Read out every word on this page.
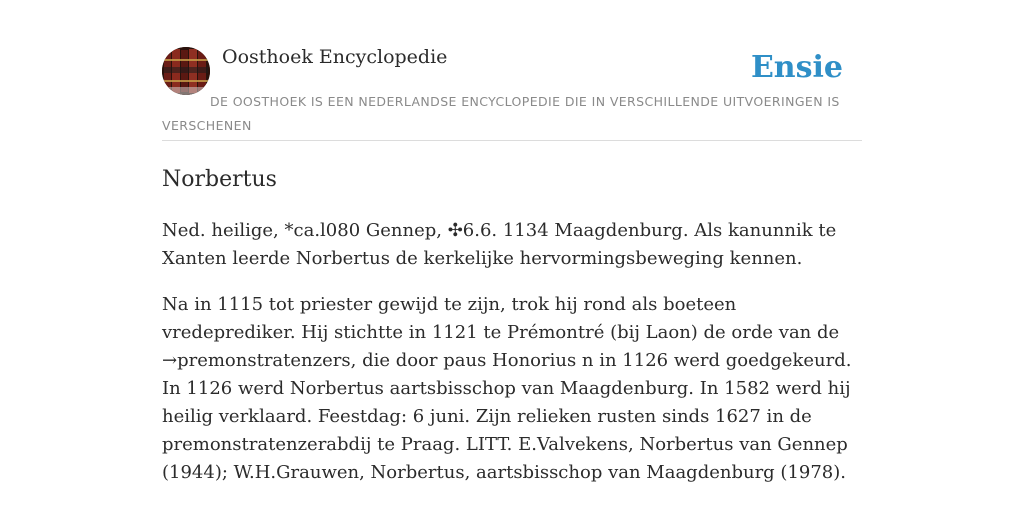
Oosthoek Encyclopedie	Ensie
DE OOSTHOEK IS EEN NEDERLANDSE ENCYCLOPEDIE DIE IN VERSCHILLENDE UITVOERINGEN IS VERSCHENEN
Norbertus

Ned. heilige, *ca.l080 Gennep, ✣6.6. 1134 Maagdenburg. Als kanunnik te Xanten leerde Norbertus de kerkelijke hervormingsbeweging kennen.

Na in 1115 tot priester gewijd te zijn, trok hij rond als boeteen vredeprediker. Hij stichtte in 1121 te Prémontré (bij Laon) de orde van de →premonstratenzers, die door paus Honorius n in 1126 werd goedgekeurd. In 1126 werd Norbertus aartsbisschop van Maagdenburg. In 1582 werd hij heilig verklaard. Feestdag: 6 juni. Zijn relieken rusten sinds 1627 in de premonstratenzerabdij te Praag. LITT. E.Valvekens, Norbertus van Gennep (1944); W.H.Grauwen, Norbertus, aartsbisschop van Maagdenburg (1978).
